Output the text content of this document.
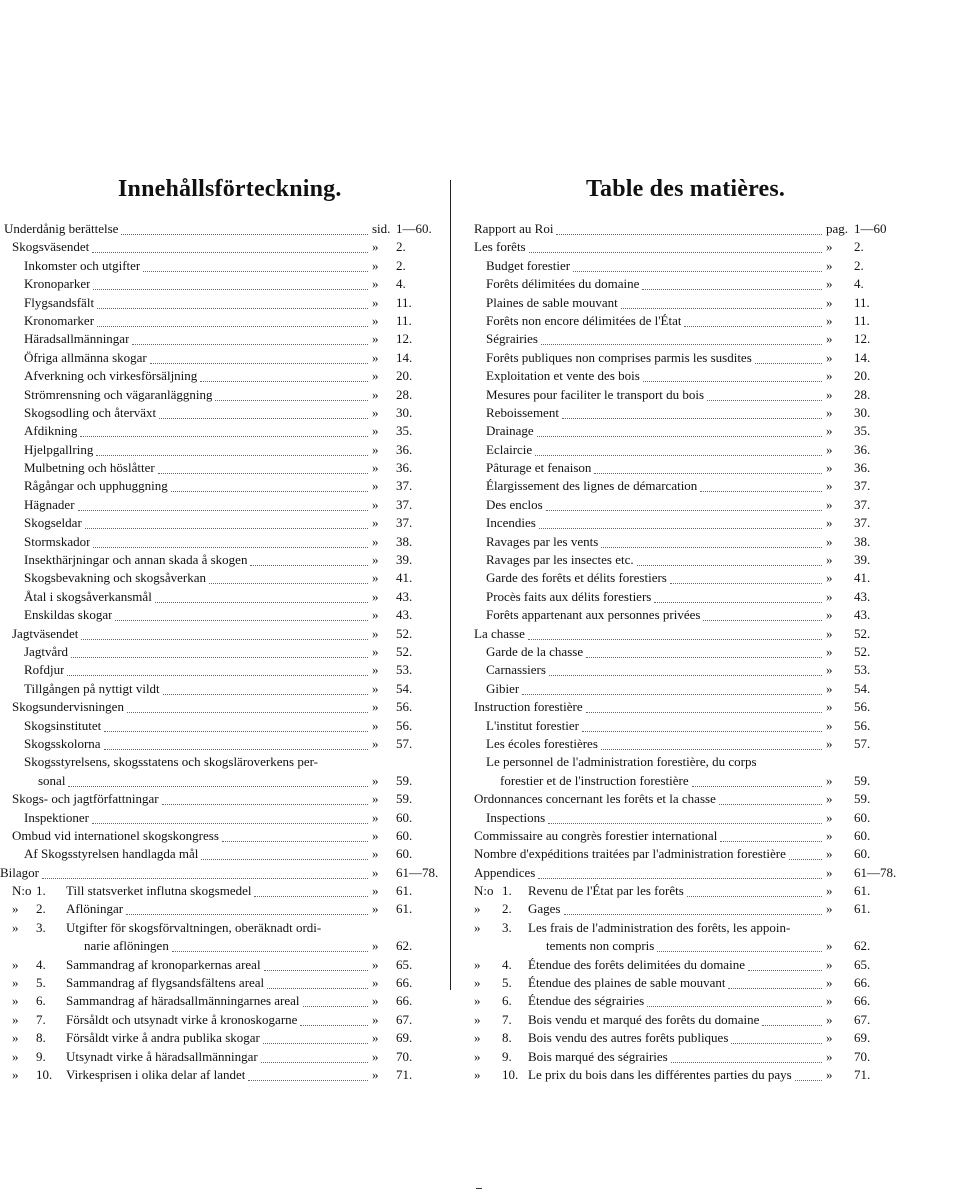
Innehållsförteckning.
Underdånig berättelse	sid. 1—60.
Skogsväsendet	» 2.
Inkomster och utgifter	» 2.
Kronoparker	» 4.
Flygsandsfält	» 11.
Kronomarker	» 11.
Häradsallmänningar	» 12.
Öfriga allmänna skogar	» 14.
Afverkning och virkesförsäljning	» 20.
Strömrensning och vägaranläggning	» 28.
Skogsodling och återväxt	» 30.
Afdikning	» 35.
Hjelpgallring	» 36.
Mulbetning och höslåtter	» 36.
Rågångar och upphuggning	» 37.
Hägnader	» 37.
Skogseldar	» 37.
Stormskador	» 38.
Insekthärjningar och annan skada å skogen	» 39.
Skogsbevakning och skogsåverkan	» 41.
Åtal i skogsåverkansmål	» 43.
Enskildas skogar	» 43.
Jagtväsendet	» 52.
Jagtvård	» 52.
Rofdjur	» 53.
Tillgången på nyttigt vildt	» 54.
Skogsundervisningen	» 56.
Skogsinstitutet	» 56.
Skogsskolorna	» 57.
Skogsstyrelsens, skogsstatens och skogsläroverkens per-
sonal	» 59.
Skogs- och jagtförfattningar	» 59.
Inspektioner	» 60.
Ombud vid internationel skogskongress	» 60.
Af Skogsstyrelsen handlagda mål	» 60.
Bilagor	» 61—78.
N:o 1. Till statsverket influtna skogsmedel	» 61.
» 2. Aflöningar	» 61.
» 3. Utgifter för skogsförvaltningen, oberäknadt ordi-
narie aflöningen	» 62.
» 4. Sammandrag af kronoparkernas areal	» 65.
» 5. Sammandrag af flygsandsfältens areal	» 66.
» 6. Sammandrag af häradsallmänningarnes areal	» 66.
» 7. Försåldt och utsynadt virke å kronoskogarne	» 67.
» 8. Försåldt virke å andra publika skogar	» 69.
» 9. Utsynadt virke å häradsallmänningar	» 70.
» 10. Virkesprisen i olika delar af landet	» 71.
Table des matières.
Rapport au Roi	pag. 1—60
Les forêts	» 2.
Budget forestier	» 2.
Forêts délimitées du domaine	» 4.
Plaines de sable mouvant	» 11.
Forêts non encore délimitées de l'État	» 11.
Ségrairies	» 12.
Forêts publiques non comprises parmis les susdites	» 14.
Exploitation et vente des bois	» 20.
Mesures pour faciliter le transport du bois	» 28.
Reboissement	» 30.
Drainage	» 35.
Eclaircie	» 36.
Pâturage et fenaison	» 36.
Élargissement des lignes de démarcation	» 37.
Des enclos	» 37.
Incendies	» 37.
Ravages par les vents	» 38.
Ravages par les insectes etc.	» 39.
Garde des forêts et délits forestiers	» 41.
Procès faits aux délits forestiers	» 43.
Forêts appartenant aux personnes privées	» 43.
La chasse	» 52.
Garde de la chasse	» 52.
Carnassiers	» 53.
Gibier	» 54.
Instruction forestière	» 56.
L'institut forestier	» 56.
Les écoles forestières	» 57.
Le personnel de l'administration forestière, du corps
forestier et de l'instruction forestière	» 59.
Ordonnances concernant les forêts et la chasse	» 59.
Inspections	» 60.
Commissaire au congrès forestier international	» 60.
Nombre d'expéditions traitées par l'administration forestière	» 60.
Appendices	» 61—78.
N:o 1. Revenu de l'État par les forêts	» 61.
» 2. Gages	» 61.
» 3. Les frais de l'administration des forêts, les appoin-
tements non compris	» 62.
» 4. Étendue des forêts delimitées du domaine	» 65.
» 5. Étendue des plaines de sable mouvant	» 66.
» 6. Étendue des ségrairies	» 66.
» 7. Bois vendu et marqué des forêts du domaine	» 67.
» 8. Bois vendu des autres forêts publiques	» 69.
» 9. Bois marqué des ségrairies	» 70.
» 10. Le prix du bois dans les différentes parties du pays	» 71.
